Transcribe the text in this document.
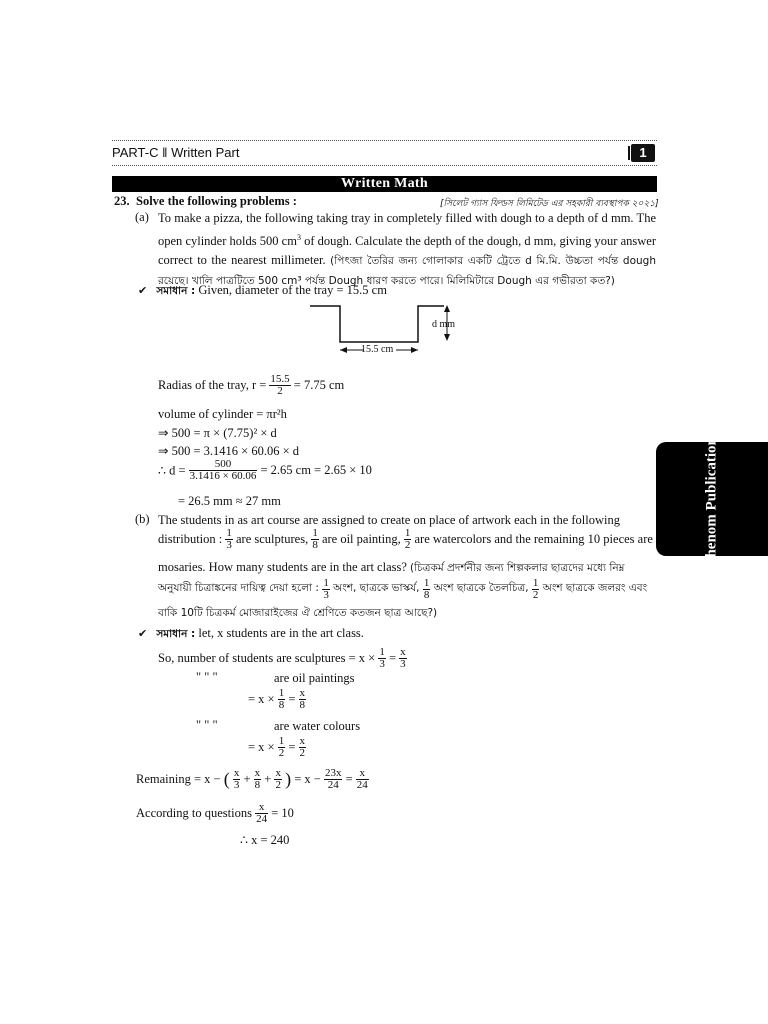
PART-C ‖ Written Part	1
Written Math
23. Solve the following problems :	[সিলেট গ্যাস ফিল্ডস লিমিটেড এর সহকারী ব্যবস্থাপক ২০২১]
(a) To make a pizza, the following taking tray in completely filled with dough to a depth of d mm. The open cylinder holds 500 $cm^3$ of dough. Calculate the depth of the dough, d mm, giving your answer correct to the nearest millimeter. (পিৎজা তৈরির জন্য গোলাকার একটি ট্রেতে d মি.মি. উচ্চতা পর্যন্ত dough রয়েছে। খালি পাত্রটিতে 500 cm³ পর্যন্ত Dough ধারণ করতে পারে। মিলিমিটারে Dough এর গভীরতা কত?)
✔ সমাধান : Given, diameter of the tray = 15.5 cm
d mm
15.5 cm
Radias of the tray, $r = \frac{15.5}{2} = 7.75$ cm
volume of cylinder = πr²h
⇒ 500 = π × (7.75)² × d
⇒ 500 = 3.1416 × 60.06 × d
∴ $d = \frac{500}{3.1416 \times 60.06} = 2.65$ cm = 2.65 × 10
= 26.5 mm ≈ 27 mm
(b) The students in as art course are assigned to create on place of artwork each in the following
distribution : $\frac{1}{3}$ are sculptures, $\frac{1}{8}$ are oil painting, $\frac{1}{2}$ are watercolors and the remaining 10 pieces are
mosaries. How many students are in the art class? (চিত্রকর্ম প্রদর্শনীর জন্য শিল্পকলার ছাত্রদের মধ্যে নিম্ন
অনুযায়ী চিত্রাঙ্কনের দায়িত্ব দেয়া হলো : $\frac{1}{3}$ অংশ, ছাত্রকে ভাস্কর্য, $\frac{1}{8}$ অংশ ছাত্রকে তৈলচিত্র, $\frac{1}{2}$ অংশ ছাত্রকে জলরং এবং
বাকি 10টি চিত্রকর্ম মোজারাইজের ঐ শ্রেণিতে কতজন ছাত্র আছে?)
✔ সমাধান : let, x students are in the art class.
So, number of students are sculptures = $x \times \frac{1}{3} = \frac{x}{3}$
" " "	are oil paintings
= $x \times \frac{1}{8} = \frac{x}{8}$
" " "	are water colours
= $x \times \frac{1}{2} = \frac{x}{2}$
Remaining = x − ( $\frac{x}{3} + \frac{x}{8} + \frac{x}{2}$ ) = $x - \frac{23x}{24} = \frac{x}{24}$
According to questions $\frac{x}{24} = 10$
∴ x = 240
Phenom Publications
